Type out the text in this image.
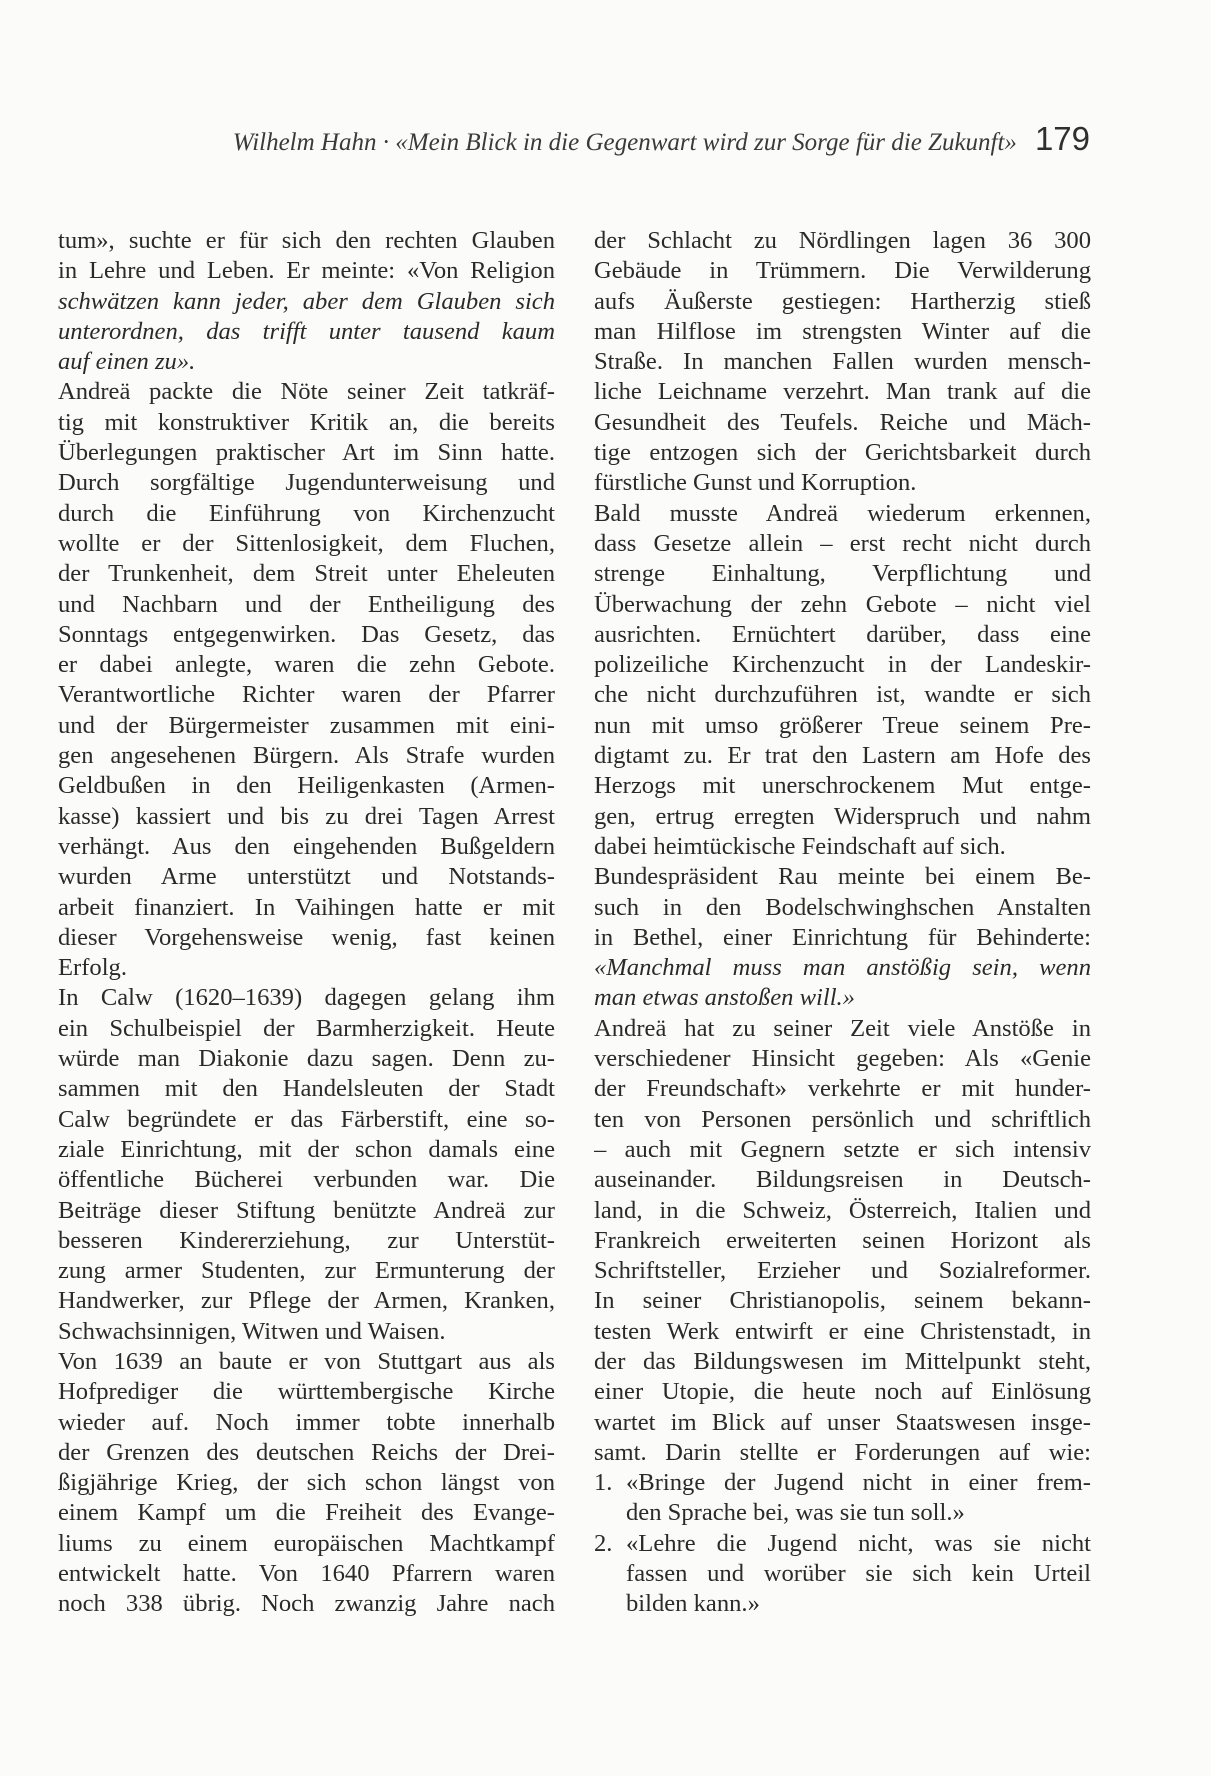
Wilhelm Hahn · «Mein Blick in die Gegenwart wird zur Sorge für die Zukunft» 179
tum», suchte er für sich den rechten Glauben
in Lehre und Leben. Er meinte: «Von Religion
schwätzen kann jeder, aber dem Glauben sich
unterordnen, das trifft unter tausend kaum
auf einen zu».
Andreä packte die Nöte seiner Zeit tatkräf-
tig mit konstruktiver Kritik an, die bereits
Überlegungen praktischer Art im Sinn hatte.
Durch sorgfältige Jugendunterweisung und
durch die Einführung von Kirchenzucht
wollte er der Sittenlosigkeit, dem Fluchen,
der Trunkenheit, dem Streit unter Eheleuten
und Nachbarn und der Entheiligung des
Sonntags entgegenwirken. Das Gesetz, das
er dabei anlegte, waren die zehn Gebote.
Verantwortliche Richter waren der Pfarrer
und der Bürgermeister zusammen mit eini-
gen angesehenen Bürgern. Als Strafe wurden
Geldbußen in den Heiligenkasten (Armen-
kasse) kassiert und bis zu drei Tagen Arrest
verhängt. Aus den eingehenden Bußgeldern
wurden Arme unterstützt und Notstands-
arbeit finanziert. In Vaihingen hatte er mit
dieser Vorgehensweise wenig, fast keinen
Erfolg.
In Calw (1620–1639) dagegen gelang ihm
ein Schulbeispiel der Barmherzigkeit. Heute
würde man Diakonie dazu sagen. Denn zu-
sammen mit den Handelsleuten der Stadt
Calw begründete er das Färberstift, eine so-
ziale Einrichtung, mit der schon damals eine
öffentliche Bücherei verbunden war. Die
Beiträge dieser Stiftung benützte Andreä zur
besseren Kindererziehung, zur Unterstüt-
zung armer Studenten, zur Ermunterung der
Handwerker, zur Pflege der Armen, Kranken,
Schwachsinnigen, Witwen und Waisen.
Von 1639 an baute er von Stuttgart aus als
Hofprediger die württembergische Kirche
wieder auf. Noch immer tobte innerhalb
der Grenzen des deutschen Reichs der Drei-
ßigjährige Krieg, der sich schon längst von
einem Kampf um die Freiheit des Evange-
liums zu einem europäischen Machtkampf
entwickelt hatte. Von 1640 Pfarrern waren
noch 338 übrig. Noch zwanzig Jahre nach
der Schlacht zu Nördlingen lagen 36 300
Gebäude in Trümmern. Die Verwilderung
aufs Äußerste gestiegen: Hartherzig stieß
man Hilflose im strengsten Winter auf die
Straße. In manchen Fallen wurden mensch-
liche Leichname verzehrt. Man trank auf die
Gesundheit des Teufels. Reiche und Mäch-
tige entzogen sich der Gerichtsbarkeit durch
fürstliche Gunst und Korruption.
Bald musste Andreä wiederum erkennen,
dass Gesetze allein – erst recht nicht durch
strenge Einhaltung, Verpflichtung und
Überwachung der zehn Gebote – nicht viel
ausrichten. Ernüchtert darüber, dass eine
polizeiliche Kirchenzucht in der Landeskir-
che nicht durchzuführen ist, wandte er sich
nun mit umso größerer Treue seinem Pre-
digtamt zu. Er trat den Lastern am Hofe des
Herzogs mit unerschrockenem Mut entge-
gen, ertrug erregten Widerspruch und nahm
dabei heimtückische Feindschaft auf sich.
Bundespräsident Rau meinte bei einem Be-
such in den Bodelschwinghschen Anstalten
in Bethel, einer Einrichtung für Behinderte:
«Manchmal muss man anstößig sein, wenn
man etwas anstoßen will.»
Andreä hat zu seiner Zeit viele Anstöße in
verschiedener Hinsicht gegeben: Als «Genie
der Freundschaft» verkehrte er mit hunder-
ten von Personen persönlich und schriftlich
– auch mit Gegnern setzte er sich intensiv
auseinander. Bildungsreisen in Deutsch-
land, in die Schweiz, Österreich, Italien und
Frankreich erweiterten seinen Horizont als
Schriftsteller, Erzieher und Sozialreformer.
In seiner Christianopolis, seinem bekann-
testen Werk entwirft er eine Christenstadt, in
der das Bildungswesen im Mittelpunkt steht,
einer Utopie, die heute noch auf Einlösung
wartet im Blick auf unser Staatswesen insge-
samt. Darin stellte er Forderungen auf wie:
1. «Bringe der Jugend nicht in einer frem-
den Sprache bei, was sie tun soll.»
2. «Lehre die Jugend nicht, was sie nicht
fassen und worüber sie sich kein Urteil
bilden kann.»
